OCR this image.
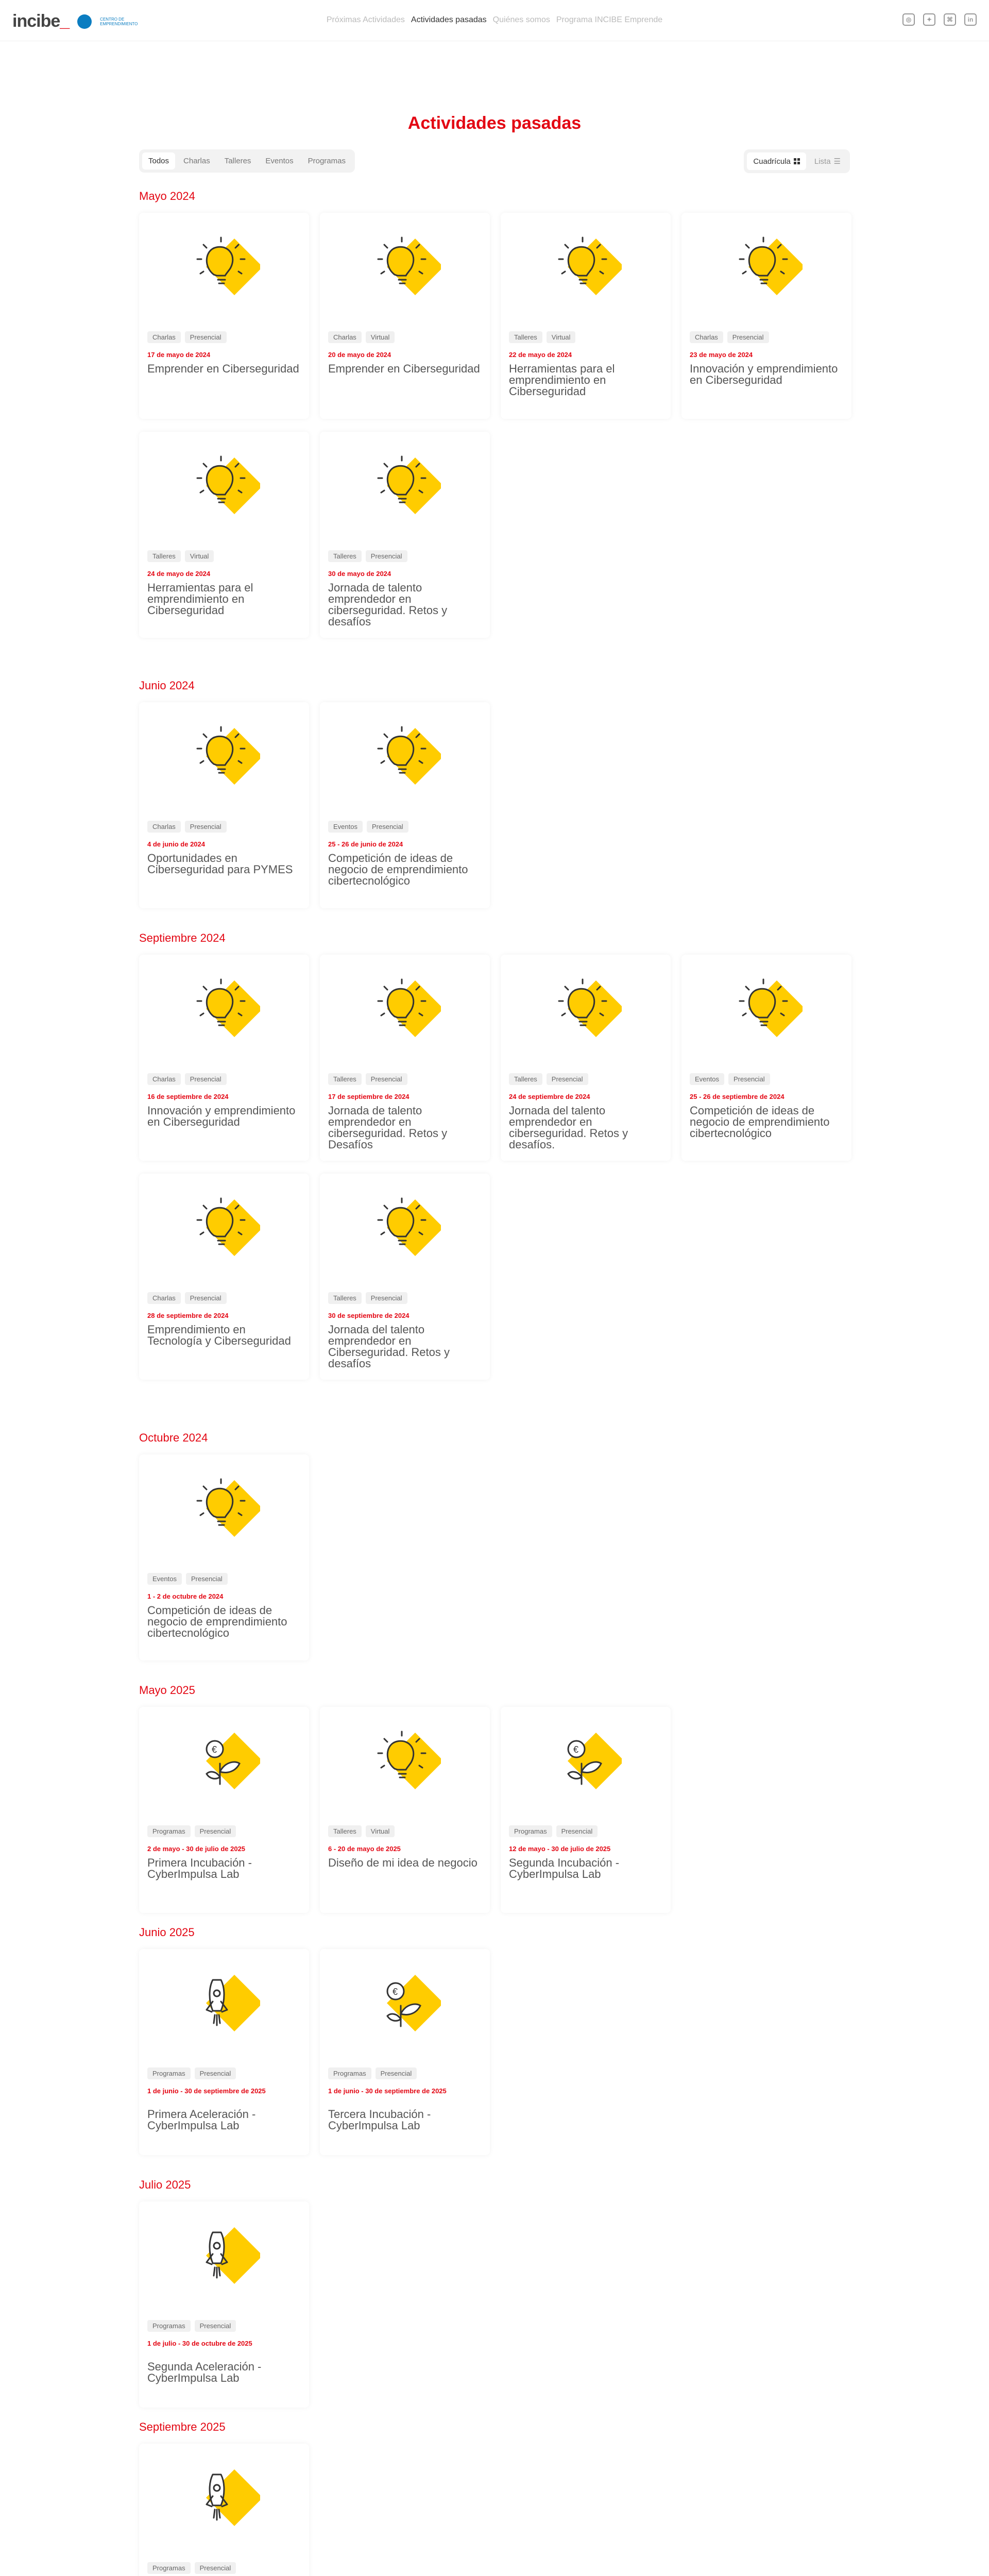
incibe_	CENTRO DE EMPRENDIMIENTO	Próximas Actividades Actividades pasadas Quiénes somos Programa INCIBE Emprende	◎	✦	⌘	in
Actividades pasadas
Todos	Charlas	Talleres	Eventos	Programas	Cuadrícula	Lista ☰
Mayo 2024
Charlas	Presencial
17 de mayo de 2024
Emprender en Ciberseguridad
Charlas	Virtual
20 de mayo de 2024
Emprender en Ciberseguridad
Talleres	Virtual
22 de mayo de 2024
Herramientas para el emprendimiento en Ciberseguridad
Charlas	Presencial
23 de mayo de 2024
Innovación y emprendimiento en Ciberseguridad
Talleres	Virtual
24 de mayo de 2024
Herramientas para el emprendimiento en Ciberseguridad
Talleres	Presencial
30 de mayo de 2024
Jornada de talento emprendedor en ciberseguridad. Retos y desafíos
Junio 2024
Charlas	Presencial
4 de junio de 2024
Oportunidades en Ciberseguridad para PYMES
Eventos	Presencial
25 - 26 de junio de 2024
Competición de ideas de negocio de emprendimiento cibertecnológico
Septiembre 2024
Charlas	Presencial
16 de septiembre de 2024
Innovación y emprendimiento en Ciberseguridad
Talleres	Presencial
17 de septiembre de 2024
Jornada de talento emprendedor en ciberseguridad. Retos y Desafíos
Talleres	Presencial
24 de septiembre de 2024
Jornada del talento emprendedor en ciberseguridad. Retos y desafíos.
Eventos	Presencial
25 - 26 de septiembre de 2024
Competición de ideas de negocio de emprendimiento cibertecnológico
Charlas	Presencial
28 de septiembre de 2024
Emprendimiento en Tecnología y Ciberseguridad
Talleres	Presencial
30 de septiembre de 2024
Jornada del talento emprendedor en Ciberseguridad. Retos y desafíos
Octubre 2024
Eventos	Presencial
1 - 2 de octubre de 2024
Competición de ideas de negocio de emprendimiento cibertecnológico
Mayo 2025
€
Programas	Presencial
2 de mayo - 30 de julio de 2025
Primera Incubación - CyberImpulsa Lab
Talleres	Virtual
6 - 20 de mayo de 2025
Diseño de mi idea de negocio
€
Programas	Presencial
12 de mayo - 30 de julio de 2025
Segunda Incubación - CyberImpulsa Lab
Junio 2025
Programas	Presencial
1 de junio - 30 de septiembre de 2025
Primera Aceleración - CyberImpulsa Lab
€
Programas	Presencial
1 de junio - 30 de septiembre de 2025
Tercera Incubación - CyberImpulsa Lab
Julio 2025
Programas	Presencial
1 de julio - 30 de octubre de 2025
Segunda Aceleración - CyberImpulsa Lab
Septiembre 2025
Programas	Presencial
